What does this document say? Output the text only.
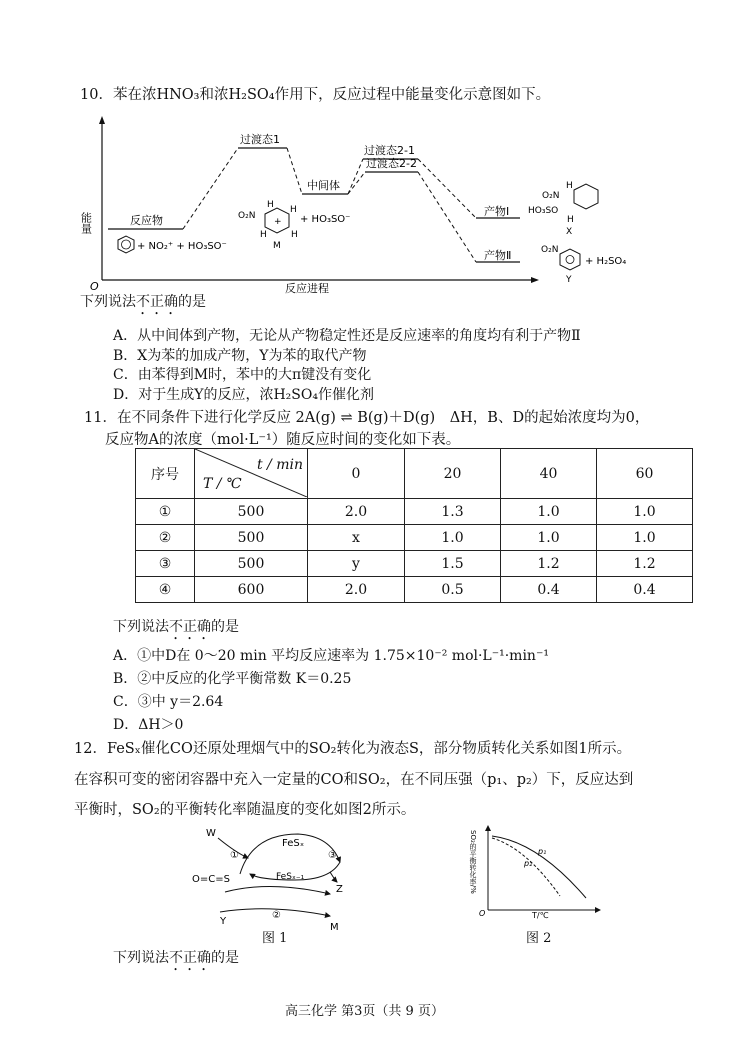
10．苯在浓HNO₃和浓H₂SO₄作用下，反应过程中能量变化示意图如下。
能量
O	反应进程
反应物
过渡态1
中间体
过渡态2-1
过渡态2-2
产物Ⅰ
产物Ⅱ
+ NO₂⁺ + HO₃SO⁻
+
O₂N
H H
H	H
+ HO₃SO⁻
M
O₂N
HO₃SO
H
H
X
O₂N
Y
+ H₂SO₄
下列说法不正确的是
A．从中间体到产物，无论从产物稳定性还是反应速率的角度均有利于产物Ⅱ
B．X为苯的加成产物，Y为苯的取代产物
C．由苯得到M时，苯中的大π键没有变化
D．对于生成Y的反应，浓H₂SO₄作催化剂
11．在不同条件下进行化学反应 2A(g) ⇌ B(g)＋D(g)　ΔH，B、D的起始浓度均为0，
反应物A的浓度（mol·L⁻¹）随反应时间的变化如下表。
序号	t / min
T / ℃	0	20	40	60
①	500	2.0	1.3	1.0	1.0
②	500	x	1.0	1.0	1.0
③	500	y	1.5	1.2	1.2
④	600	2.0	0.5	0.4	0.4
下列说法不正确的是
A．①中D在 0～20 min 平均反应速率为 1.75×10⁻² mol·L⁻¹·min⁻¹
B．②中反应的化学平衡常数 K＝0.25
C．③中 y＝2.64
D．ΔH＞0
12．FeSₓ催化CO还原处理烟气中的SO₂转化为液态S，部分物质转化关系如图1所示。
在容积可变的密闭容器中充入一定量的CO和SO₂，在不同压强（p₁、p₂）下，反应达到
平衡时，SO₂的平衡转化率随温度的变化如图2所示。
W
①
FeSₓ
③
O=C=S	FeSₓ₋₁
Z
②
Y
M
图 1
SO₂的平衡转化率/%
O	T/℃
p₁
p₂
图 2
下列说法不正确的是
高三化学 第3页（共 9 页）
